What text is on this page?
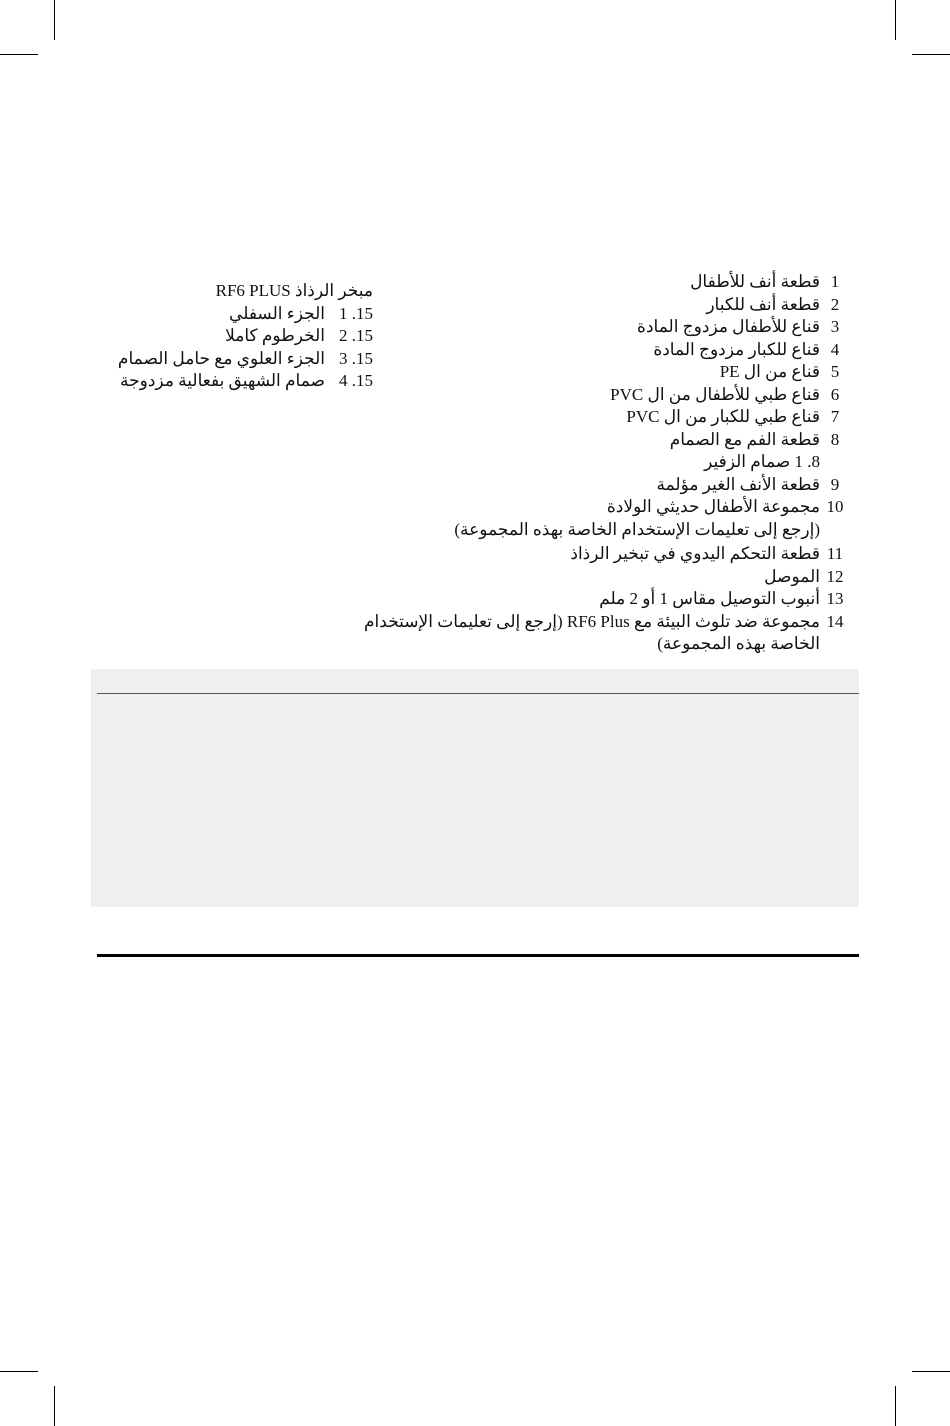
1
قطعة أنف للأطفال
2
قطعة أنف للكبار
3
قناع للأطفال مزدوج المادة
4
قناع للكبار مزدوج المادة
5
قناع من ال PE
6
قناع طبي للأطفال من ال PVC
7
قناع طبي للكبار من ال PVC
8
قطعة الفم مع الصمام
8. 1 صمام الزفير
9
قطعة الأنف الغير مؤلمة
10
مجموعة الأطفال حديثي الولادة
(إرجع إلى تعليمات الإستخدام الخاصة بهذه المجموعة)
11
قطعة التحكم اليدوي في تبخير الرذاذ
12
الموصل
13
أنبوب التوصيل مقاس 1 أو 2 ملم
14
مجموعة ضد تلوث البيئة مع RF6 Plus (إرجع إلى تعليمات الإستخدام
الخاصة بهذه المجموعة)
مبخر الرذاذ RF6 PLUS
15. 1الجزء السفلي
15. 2الخرطوم كاملا
15. 3الجزء العلوي مع حامل الصمام
15. 4صمام الشهيق بفعالية مزدوجة
